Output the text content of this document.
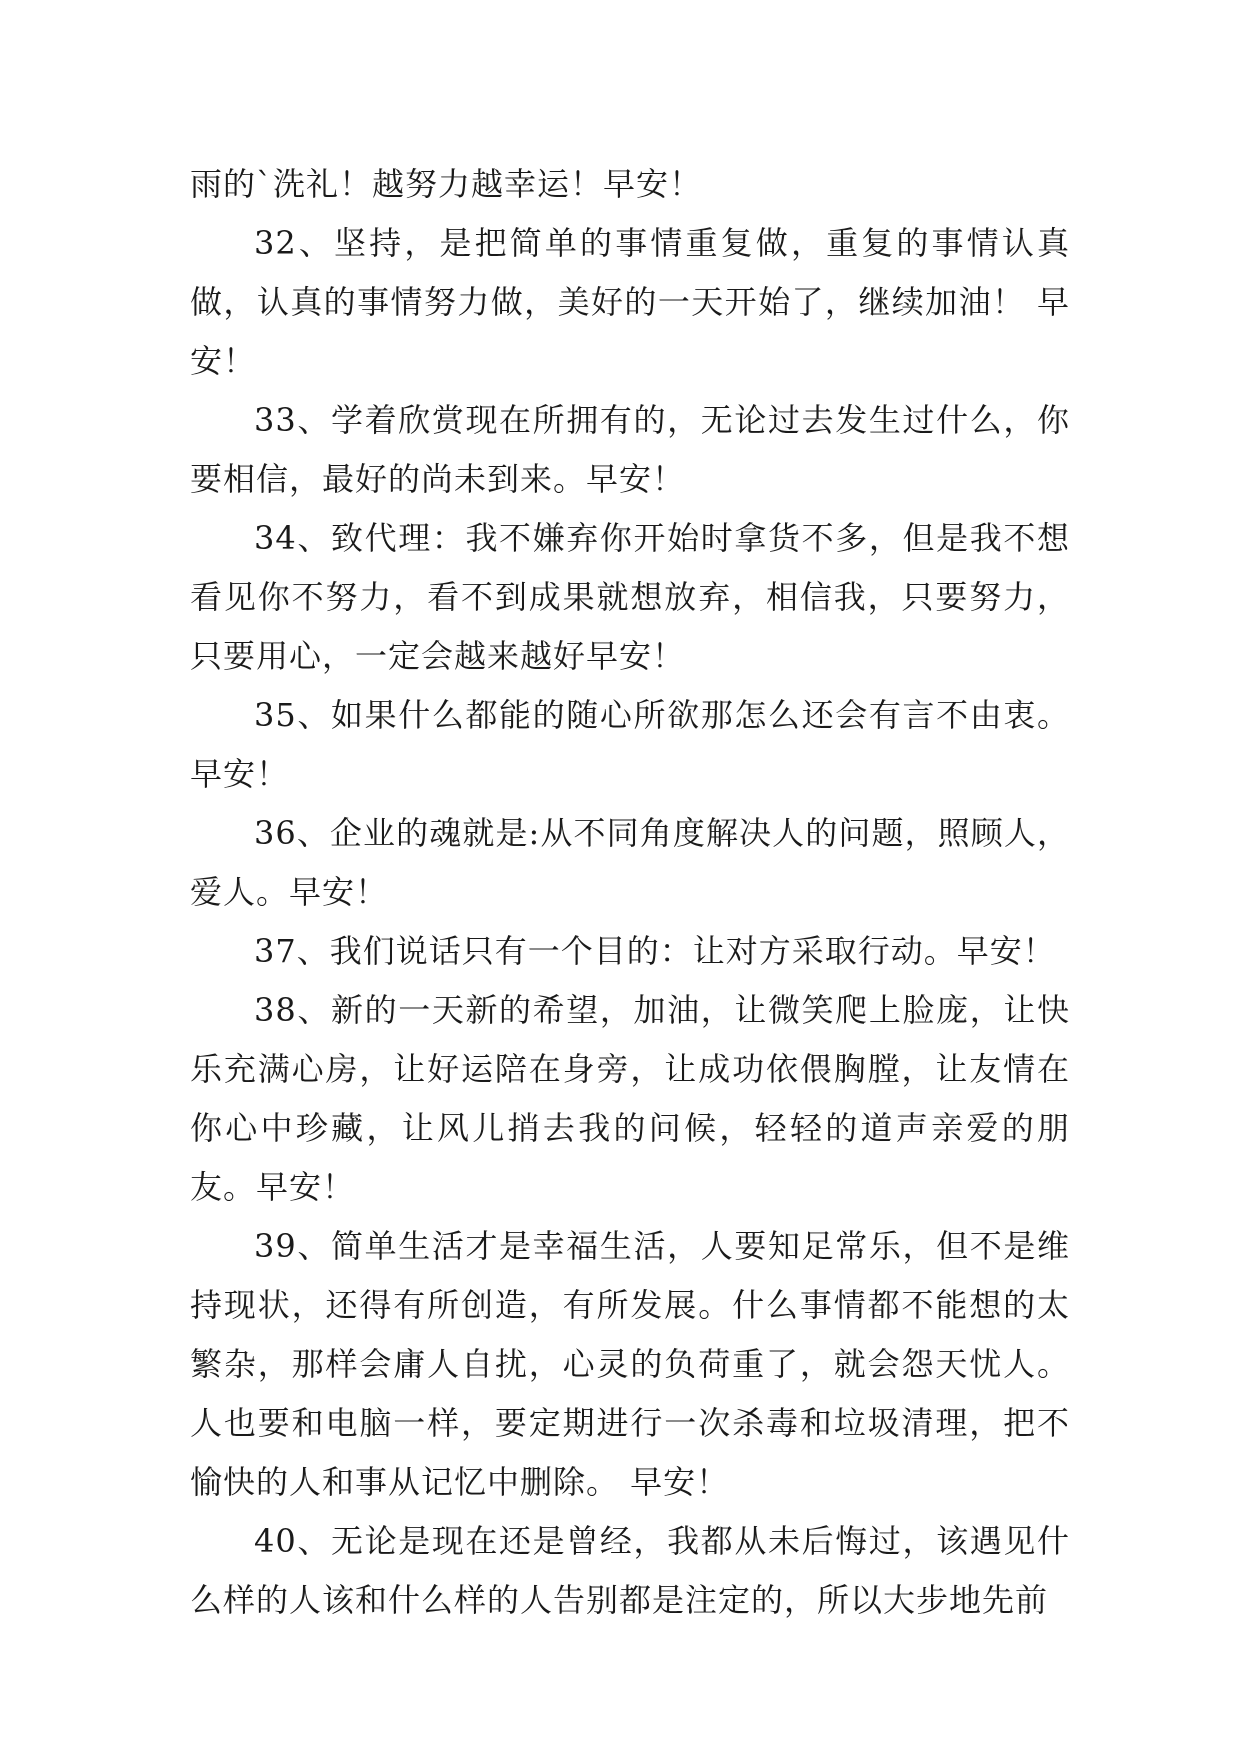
雨的`洗礼！越努力越幸运！早安！

32、坚持，是把简单的事情重复做，重复的事情认真做，认真的事情努力做，美好的一天开始了，继续加油！ 早安！

33、学着欣赏现在所拥有的，无论过去发生过什么，你要相信，最好的尚未到来。早安！

34、致代理：我不嫌弃你开始时拿货不多，但是我不想看见你不努力，看不到成果就想放弃，相信我，只要努力，只要用心，一定会越来越好早安！

35、如果什么都能的随心所欲那怎么还会有言不由衷。早安！

36、企业的魂就是:从不同角度解决人的问题，照顾人，爱人。早安！

37、我们说话只有一个目的：让对方采取行动。早安！

38、新的一天新的希望，加油，让微笑爬上脸庞，让快乐充满心房，让好运陪在身旁，让成功依偎胸膛，让友情在你心中珍藏，让风儿捎去我的问候，轻轻的道声亲爱的朋友。早安！

39、简单生活才是幸福生活，人要知足常乐，但不是维持现状，还得有所创造，有所发展。什么事情都不能想的太繁杂，那样会庸人自扰，心灵的负荷重了，就会怨天忧人。人也要和电脑一样，要定期进行一次杀毒和垃圾清理，把不愉快的人和事从记忆中删除。 早安！

40、无论是现在还是曾经，我都从未后悔过，该遇见什么样的人该和什么样的人告别都是注定的，所以大步地先前
